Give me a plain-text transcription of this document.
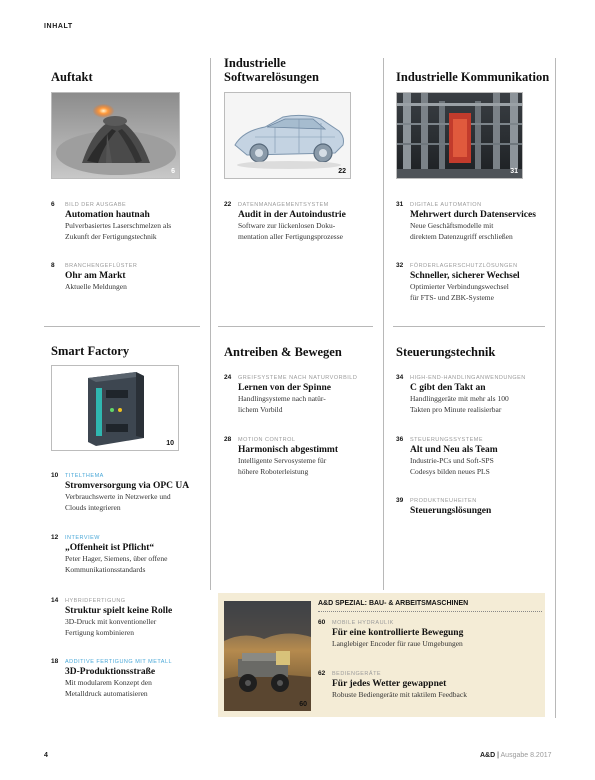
INHALT
Auftakt
Industrielle
Softwarelösungen	Industrielle Kommunikation
Smart Factory	Antreiben & Bewegen	Steuerungstechnik
6	22	31
10
6 BILD DER AUSGABE
Automation hautnah
Pulverbasiertes Laserschmelzen als
Zukunft der Fertigungstechnik
8 BRANCHENGEFLÜSTER
Ohr am Markt
Aktuelle Meldungen
22 DATENMANAGEMENTSYSTEM
Audit in der Autoindustrie
Software zur lückenlosen Doku-
mentation aller Fertigungsprozesse
31 DIGITALE AUTOMATION
Mehrwert durch Datenservices
Neue Geschäftsmodelle mit
direktem Datenzugriff erschließen
32 FÖRDERLAGERSCHUTZLÖSUNGEN
Schneller, sicherer Wechsel
Optimierter Verbindungswechsel
für FTS- und ZBK-Systeme
10 TITELTHEMA
Stromversorgung via OPC UA
Verbrauchswerte in Netzwerke und
Clouds integrieren
12 INTERVIEW
„Offenheit ist Pflicht“
Peter Hager, Siemens, über offene
Kommunikationsstandards
14 HYBRIDFERTIGUNG
Struktur spielt keine Rolle
3D-Druck mit konventioneller
Fertigung kombinieren
18 ADDITIVE FERTIGUNG MIT METALL
3D-Produktionsstraße
Mit modularem Konzept den
Metalldruck automatisieren
24 GREIFSYSTEME NACH NATURVORBILD
Lernen von der Spinne
Handlingsysteme nach natür-
lichem Vorbild
28 MOTION CONTROL
Harmonisch abgestimmt
Intelligente Servosysteme für
höhere Roboterleistung
34 HIGH-END-HANDLINGANWENDUNGEN
C gibt den Takt an
Handlinggeräte mit mehr als 100
Takten pro Minute realisierbar
36 STEUERUNGSSYSTEME
Alt und Neu als Team
Industrie-PCs und Soft-SPS
Codesys bilden neues PLS
39 PRODUKTNEUHEITEN
Steuerungslösungen
60
A&D SPEZIAL: BAU- & ARBEITSMASCHINEN
60 MOBILE HYDRAULIK
Für eine kontrollierte Bewegung
Langlebiger Encoder für raue Umgebungen
62 BEDIENGERÄTE
Für jedes Wetter gewappnet
Robuste Bediengeräte mit taktilem Feedback
4	A&D | Ausgabe 8.2017
